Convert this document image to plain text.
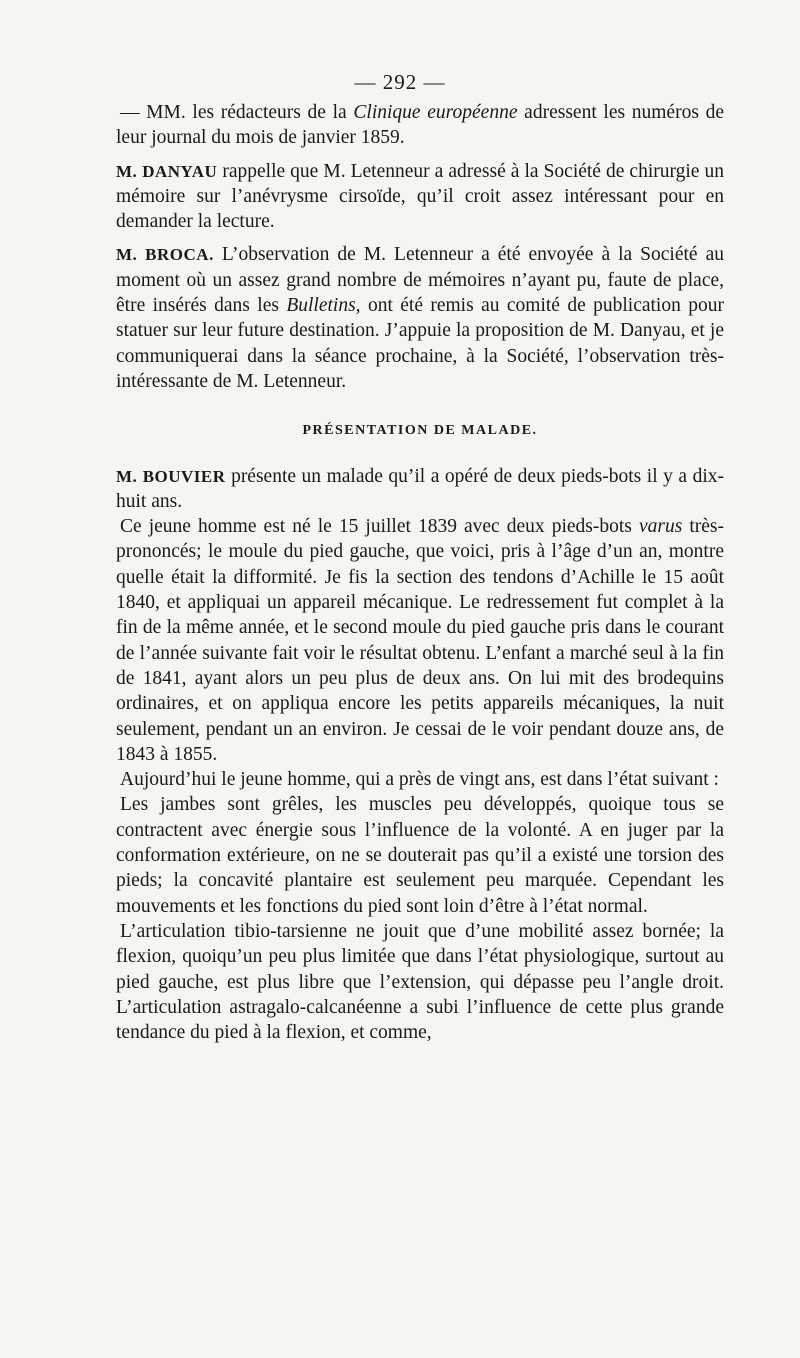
— 292 —

— MM. les rédacteurs de la Clinique européenne adressent les numéros de leur journal du mois de janvier 1859.

M. DANYAU rappelle que M. Letenneur a adressé à la Société de chirurgie un mémoire sur l’anévrysme cirsoïde, qu’il croit assez intéressant pour en demander la lecture.

M. BROCA. L’observation de M. Letenneur a été envoyée à la Société au moment où un assez grand nombre de mémoires n’ayant pu, faute de place, être insérés dans les Bulletins, ont été remis au comité de publication pour statuer sur leur future destination. J’appuie la proposition de M. Danyau, et je communiquerai dans la séance prochaine, à la Société, l’observation très-intéressante de M. Letenneur.

PRÉSENTATION DE MALADE.

M. BOUVIER présente un malade qu’il a opéré de deux pieds-bots il y a dix-huit ans.

Ce jeune homme est né le 15 juillet 1839 avec deux pieds-bots varus très-prononcés; le moule du pied gauche, que voici, pris à l’âge d’un an, montre quelle était la difformité. Je fis la section des tendons d’Achille le 15 août 1840, et appliquai un appareil mécanique. Le redressement fut complet à la fin de la même année, et le second moule du pied gauche pris dans le courant de l’année suivante fait voir le résultat obtenu. L’enfant a marché seul à la fin de 1841, ayant alors un peu plus de deux ans. On lui mit des brodequins ordinaires, et on appliqua encore les petits appareils mécaniques, la nuit seulement, pendant un an environ. Je cessai de le voir pendant douze ans, de 1843 à 1855.

Aujourd’hui le jeune homme, qui a près de vingt ans, est dans l’état suivant :

Les jambes sont grêles, les muscles peu développés, quoique tous se contractent avec énergie sous l’influence de la volonté. A en juger par la conformation extérieure, on ne se douterait pas qu’il a existé une torsion des pieds; la concavité plantaire est seulement peu marquée. Cependant les mouvements et les fonctions du pied sont loin d’être à l’état normal.

L’articulation tibio-tarsienne ne jouit que d’une mobilité assez bornée; la flexion, quoiqu’un peu plus limitée que dans l’état physiologique, surtout au pied gauche, est plus libre que l’extension, qui dépasse peu l’angle droit. L’articulation astragalo-calcanéenne a subi l’influence de cette plus grande tendance du pied à la flexion, et comme,
